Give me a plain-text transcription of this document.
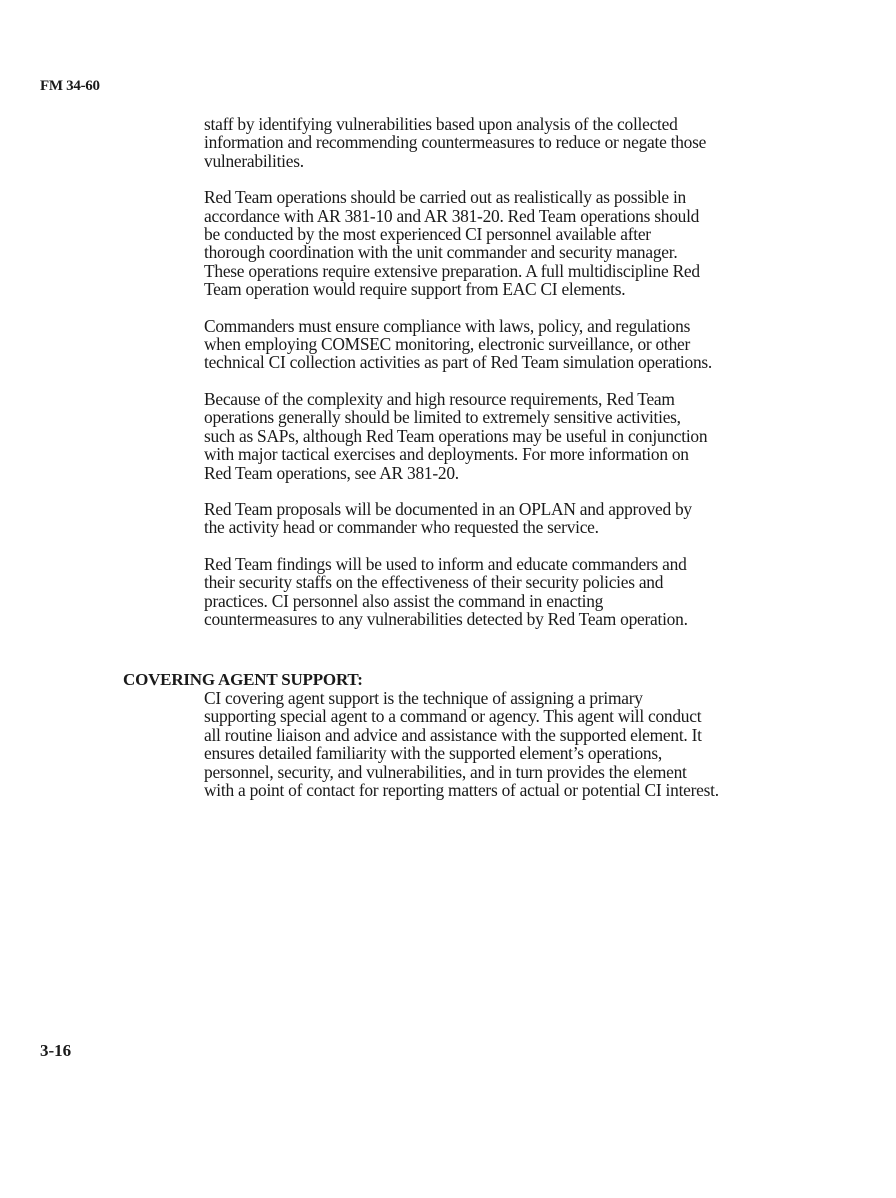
FM 34-60

staff by identifying vulnerabilities based upon analysis of the collected
information and recommending countermeasures to reduce or negate those
vulnerabilities.

Red Team operations should be carried out as realistically as possible in
accordance with AR 381-10 and AR 381-20. Red Team operations should
be conducted by the most experienced CI personnel available after
thorough coordination with the unit commander and security manager.
These operations require extensive preparation. A full multidiscipline Red
Team operation would require support from EAC CI elements.

Commanders must ensure compliance with laws, policy, and regulations
when employing COMSEC monitoring, electronic surveillance, or other
technical CI collection activities as part of Red Team simulation operations.

Because of the complexity and high resource requirements, Red Team
operations generally should be limited to extremely sensitive activities,
such as SAPs, although Red Team operations may be useful in conjunction
with major tactical exercises and deployments. For more information on
Red Team operations, see AR 381-20.

Red Team proposals will be documented in an OPLAN and approved by
the activity head or commander who requested the service.

Red Team findings will be used to inform and educate commanders and
their security staffs on the effectiveness of their security policies and
practices. CI personnel also assist the command in enacting
countermeasures to any vulnerabilities detected by Red Team operation.

COVERING AGENT SUPPORT:

CI covering agent support is the technique of assigning a primary
supporting special agent to a command or agency. This agent will conduct
all routine liaison and advice and assistance with the supported element. It
ensures detailed familiarity with the supported element’s operations,
personnel, security, and vulnerabilities, and in turn provides the element
with a point of contact for reporting matters of actual or potential CI interest.

3-16
